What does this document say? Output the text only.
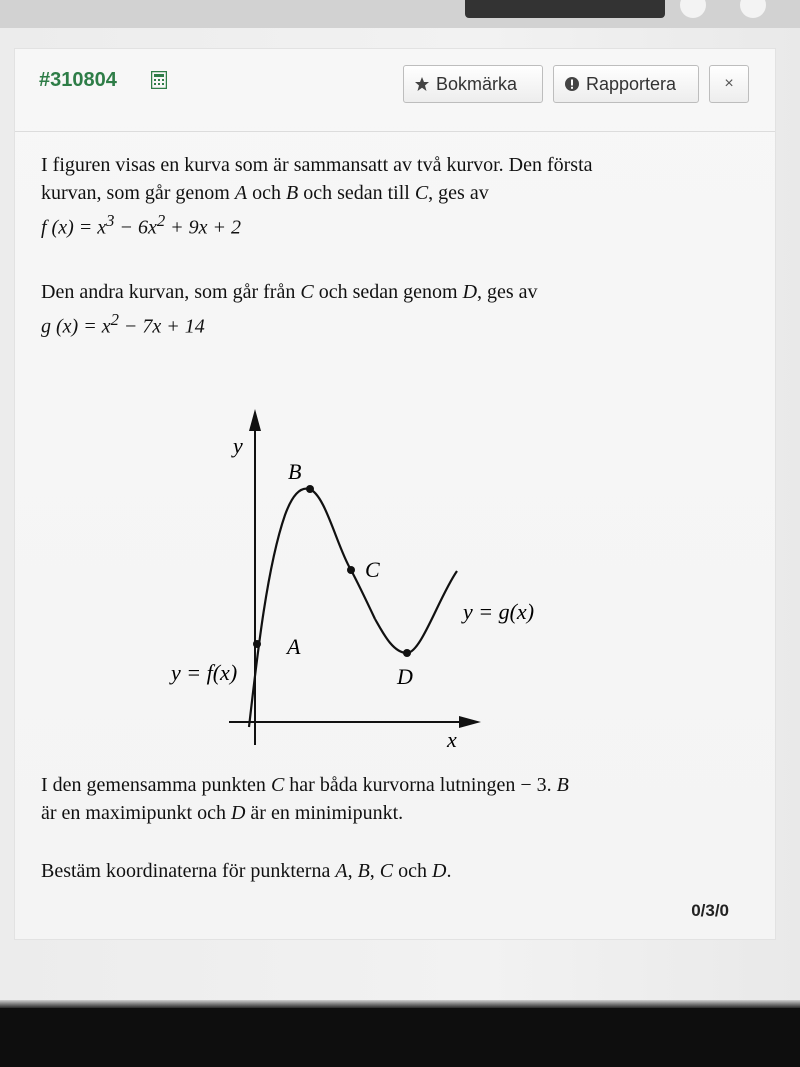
#310804	Bokmärka	Rapportera	×
I figuren visas en kurva som är sammansatt av två kurvor. Den första
kurvan, som går genom A och B och sedan till C, ges av
f $(x) = x^3 - 6x^2 + 9x + 2$
Den andra kurvan, som går från C och sedan genom D, ges av
g $(x) = x^2 - 7x + 14$
y
x
B
C
A
D
y = f(x)
y = g(x)
I den gemensamma punkten C har båda kurvorna lutningen − 3. B
är en maximipunkt och D är en minimipunkt.
Bestäm koordinaterna för punkterna A, B, C och D.
0/3/0
